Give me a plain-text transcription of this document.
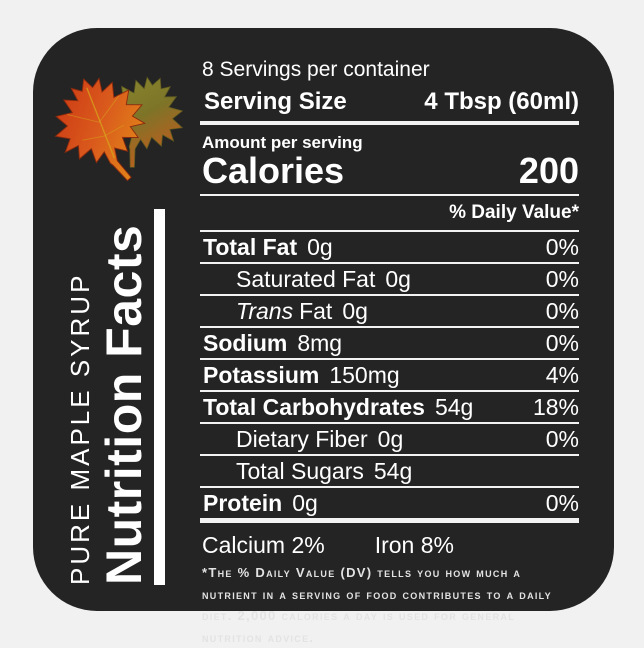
PURE MAPLE SYRUP Nutrition Facts
8 Servings per container
Serving Size	4 Tbsp (60ml)
Amount per serving
Calories	200
% Daily Value*
Total Fat 0g	0%
Saturated Fat 0g	0%
Trans Fat 0g	0%
Sodium 8mg	0%
Potassium 150mg	4%
Total Carbohydrates 54g	18%
Dietary Fiber 0g	0%
Total Sugars 54g
Protein 0g	0%
Calcium 2% Iron 8%
*The % Daily Value (DV) tells you how much a nutrient in a serving of food contributes to a daily diet. 2,000 calories a day is used for general nutrition advice.
